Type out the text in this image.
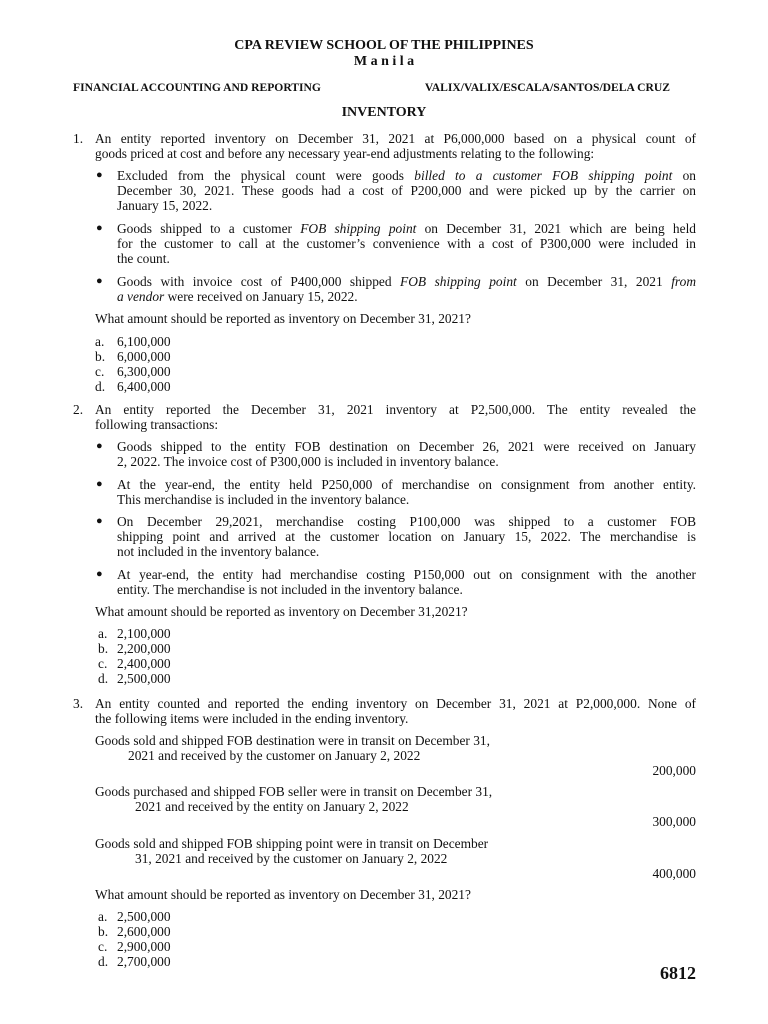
CPA REVIEW SCHOOL OF THE PHILIPPINES
M a n i l a
FINANCIAL ACCOUNTING AND REPORTING	VALIX/VALIX/ESCALA/SANTOS/DELA CRUZ
INVENTORY
1. An entity reported inventory on December 31, 2021 at P6,000,000 based on a physical count of
goods priced at cost and before any necessary year-end adjustments relating to the following:
● Excluded from the physical count were goods billed to a customer FOB shipping point on
December 30, 2021. These goods had a cost of P200,000 and were picked up by the carrier on
January 15, 2022.
● Goods shipped to a customer FOB shipping point on December 31, 2021 which are being held
for the customer to call at the customer’s convenience with a cost of P300,000 were included in
the count.
● Goods with invoice cost of P400,000 shipped FOB shipping point on December 31, 2021 from
a vendor were received on January 15, 2022.
What amount should be reported as inventory on December 31, 2021?
a. 6,100,000
b. 6,000,000
c. 6,300,000
d. 6,400,000
2. An entity reported the December 31, 2021 inventory at P2,500,000. The entity revealed the
following transactions:
● Goods shipped to the entity FOB destination on December 26, 2021 were received on January
2, 2022. The invoice cost of P300,000 is included in inventory balance.
● At the year-end, the entity held P250,000 of merchandise on consignment from another entity.
This merchandise is included in the inventory balance.
● On December 29,2021, merchandise costing P100,000 was shipped to a customer FOB
shipping point and arrived at the customer location on January 15, 2022. The merchandise is
not included in the inventory balance.
● At year-end, the entity had merchandise costing P150,000 out on consignment with the another
entity. The merchandise is not included in the inventory balance.
What amount should be reported as inventory on December 31,2021?
a. 2,100,000
b. 2,200,000
c. 2,400,000
d. 2,500,000
3. An entity counted and reported the ending inventory on December 31, 2021 at P2,000,000. None of
the following items were included in the ending inventory.
Goods sold and shipped FOB destination were in transit on December 31,
2021 and received by the customer on January 2, 2022
200,000
Goods purchased and shipped FOB seller were in transit on December 31,
2021 and received by the entity on January 2, 2022
300,000
Goods sold and shipped FOB shipping point were in transit on December
31, 2021 and received by the customer on January 2, 2022
400,000
What amount should be reported as inventory on December 31, 2021?
a. 2,500,000
b. 2,600,000
c. 2,900,000
d. 2,700,000
6812
